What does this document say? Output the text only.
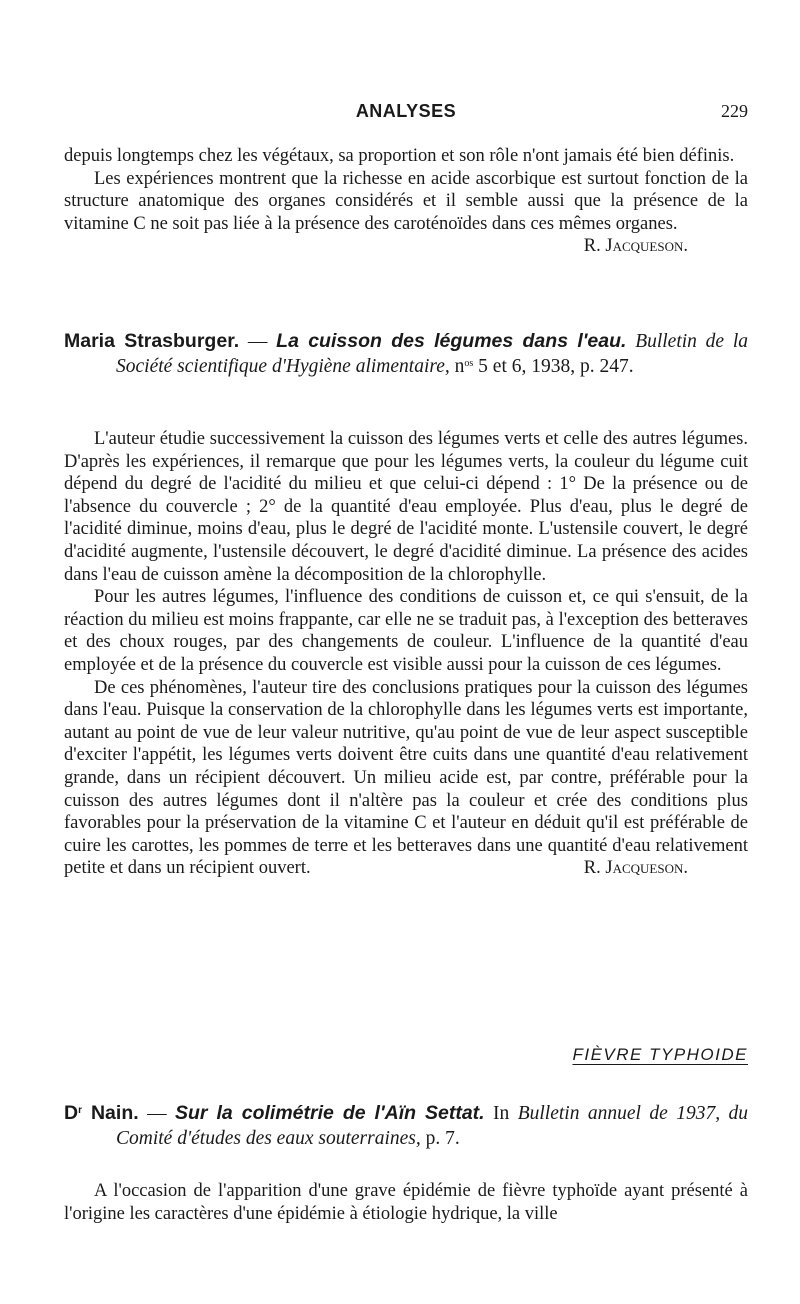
ANALYSES	229

depuis longtemps chez les végétaux, sa proportion et son rôle n'ont jamais été bien définis.

Les expériences montrent que la richesse en acide ascorbique est surtout fonction de la structure anatomique des organes considérés et il semble aussi que la présence de la vitamine C ne soit pas liée à la présence des caroténoïdes dans ces mêmes organes.

R. Jacqueson.

Maria Strasburger. — La cuisson des légumes dans l'eau. Bulletin de la Société scientifique d'Hygiène alimentaire, $n^{os}$ 5 et 6, 1938, p. 247.

L'auteur étudie successivement la cuisson des légumes verts et celle des autres légumes. D'après les expériences, il remarque que pour les légumes verts, la couleur du légume cuit dépend du degré de l'acidité du milieu et que celui-ci dépend : 1° De la présence ou de l'absence du couvercle ; 2° de la quantité d'eau employée. Plus d'eau, plus le degré de l'acidité diminue, moins d'eau, plus le degré de l'acidité monte. L'ustensile couvert, le degré d'acidité augmente, l'ustensile découvert, le degré d'acidité diminue. La présence des acides dans l'eau de cuisson amène la décomposition de la chlorophylle.

Pour les autres légumes, l'influence des conditions de cuisson et, ce qui s'ensuit, de la réaction du milieu est moins frappante, car elle ne se traduit pas, à l'exception des betteraves et des choux rouges, par des changements de couleur. L'influence de la quantité d'eau employée et de la présence du couvercle est visible aussi pour la cuisson de ces légumes.

De ces phénomènes, l'auteur tire des conclusions pratiques pour la cuisson des légumes dans l'eau. Puisque la conservation de la chlorophylle dans les légumes verts est importante, autant au point de vue de leur valeur nutritive, qu'au point de vue de leur aspect susceptible d'exciter l'appétit, les légumes verts doivent être cuits dans une quantité d'eau relativement grande, dans un récipient découvert. Un milieu acide est, par contre, préférable pour la cuisson des autres légumes dont il n'altère pas la couleur et crée des conditions plus favorables pour la préservation de la vitamine C et l'auteur en déduit qu'il est préférable de cuire les carottes, les pommes de terre et les betteraves dans une quantité d'eau relativement petite et dans un récipient ouvert.	R. Jacqueson.

FIÈVRE TYPHOIDE

$D^r$ Nain. — Sur la colimétrie de l'Aïn Settat. In Bulletin annuel de 1937, du Comité d'études des eaux souterraines, p. 7.

A l'occasion de l'apparition d'une grave épidémie de fièvre typhoïde ayant présenté à l'origine les caractères d'une épidémie à étiologie hydrique, la ville
